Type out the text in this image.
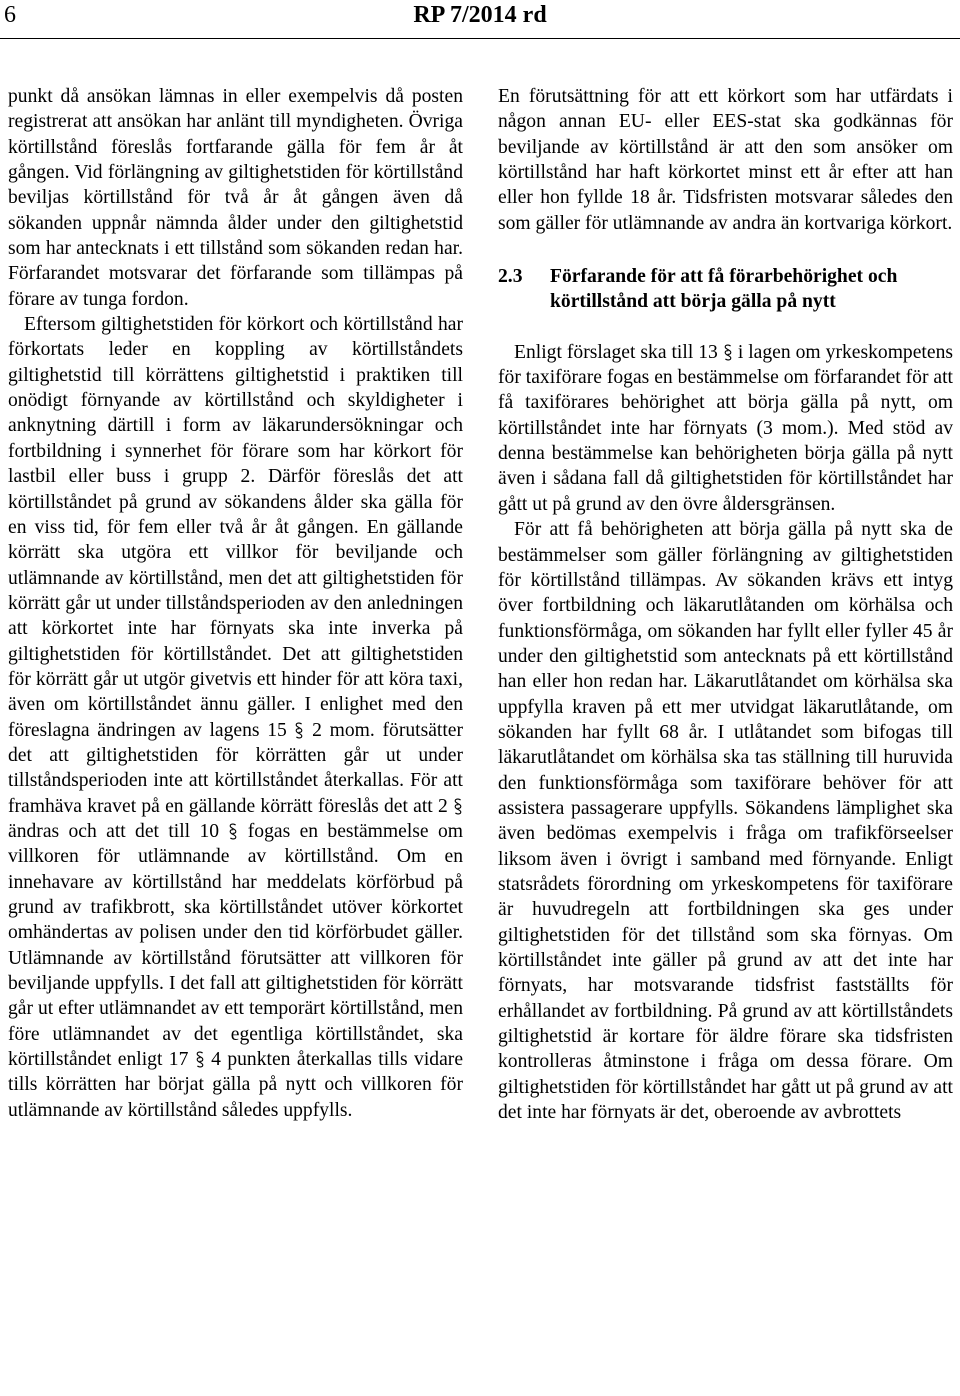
6	RP 7/2014 rd

punkt då ansökan lämnas in eller exempelvis då posten registrerat att ansökan har anlänt till myndigheten. Övriga körtillstånd föreslås fortfarande gälla för fem år åt gången. Vid förlängning av giltighetstiden för körtillstånd beviljas körtillstånd för två år åt gången även då sökanden uppnår nämnda ålder under den giltighetstid som har antecknats i ett tillstånd som sökanden redan har. Förfarandet motsvarar det förfarande som tillämpas på förare av tunga fordon.

Eftersom giltighetstiden för körkort och körtillstånd har förkortats leder en koppling av körtillståndets giltighetstid till körrättens giltighetstid i praktiken till onödigt förnyande av körtillstånd och skyldigheter i anknytning därtill i form av läkarundersökningar och fortbildning i synnerhet för förare som har körkort för lastbil eller buss i grupp 2. Därför föreslås det att körtillståndet på grund av sökandens ålder ska gälla för en viss tid, för fem eller två år åt gången. En gällande körrätt ska utgöra ett villkor för beviljande och utlämnande av körtillstånd, men det att giltighetstiden för körrätt går ut under tillståndsperioden av den anledningen att körkortet inte har förnyats ska inte inverka på giltighetstiden för körtillståndet. Det att giltighetstiden för körrätt går ut utgör givetvis ett hinder för att köra taxi, även om körtillståndet ännu gäller. I enlighet med den föreslagna ändringen av lagens 15 2 mom. förutsätter det att giltighetstiden för körrätten går ut under tillståndsperioden inte att körtillståndet återkallas. För att framhäva kravet på en gällande körrätt föreslås det att 2
ändras och att det till 10 fogas en bestämmelse om villkoren för utlämnande av körtillstånd. Om en innehavare av körtillstånd har meddelats körförbud på grund av trafikbrott, ska körtillståndet utöver körkortet omhändertas av polisen under den tid körförbudet gäller. Utlämnande av körtillstånd förutsätter att villkoren för beviljande uppfylls. I det fall att giltighetstiden för körrätt går ut efter utlämnandet av ett temporärt körtillstånd, men före utlämnandet av det egentliga körtillståndet, ska körtillståndet enligt 17 4 punkten återkallas tills vidare tills körrätten har börjat gälla på nytt och villkoren för utlämnande av körtillstånd således uppfylls.

En förutsättning för att ett körkort som har utfärdats i någon annan EU- eller EES-stat ska godkännas för beviljande av körtillstånd är att den som ansöker om körtillstånd har haft körkortet minst ett år efter att han eller hon fyllde 18 år. Tidsfristen motsvarar således den som gäller för utlämnande av andra än kortvariga körkort.

2.3	Förfarande för att få förarbehörighet och körtillstånd att börja gälla på nytt

Enligt förslaget ska till 13 i lagen om yrkeskompetens för taxiförare fogas en bestämmelse om förfarandet för att få taxiförares behörighet att börja gälla på nytt, om körtillståndet inte har förnyats (3 mom.). Med stöd av denna bestämmelse kan behörigheten börja gälla på nytt även i sådana fall då giltighetstiden för körtillståndet har gått ut på grund av den övre åldersgränsen.

För att få behörigheten att börja gälla på nytt ska de bestämmelser som gäller förlängning av giltighetstiden för körtillstånd tillämpas. Av sökanden krävs ett intyg över fortbildning och läkarutlåtanden om körhälsa och funktionsförmåga, om sökanden har fyllt eller fyller 45 år under den giltighetstid som antecknats på ett körtillstånd han eller hon redan har. Läkarutlåtandet om körhälsa ska uppfylla kraven på ett mer utvidgat läkarutlåtande, om sökanden har fyllt 68 år. I utlåtandet som bifogas till läkarutlåtandet om körhälsa ska tas ställning till huruvida den funktionsförmåga som taxiförare behöver för att assistera passagerare uppfylls. Sökandens lämplighet ska även bedömas exempelvis i fråga om trafikförseelser liksom även i övrigt i samband med förnyande. Enligt statsrådets förordning om yrkeskompetens för taxiförare är huvudregeln att fortbildningen ska ges under giltighetstiden för det tillstånd som ska förnyas. Om körtillståndet inte gäller på grund av att det inte har förnyats, har motsvarande tidsfrist fastställts för erhållandet av fortbildning. På grund av att körtillståndets giltighetstid är kortare för äldre förare ska tidsfristen kontrolleras åtminstone i fråga om dessa förare. Om giltighetstiden för körtillståndet har gått ut på grund av att det inte har förnyats är det, oberoende av avbrottets
